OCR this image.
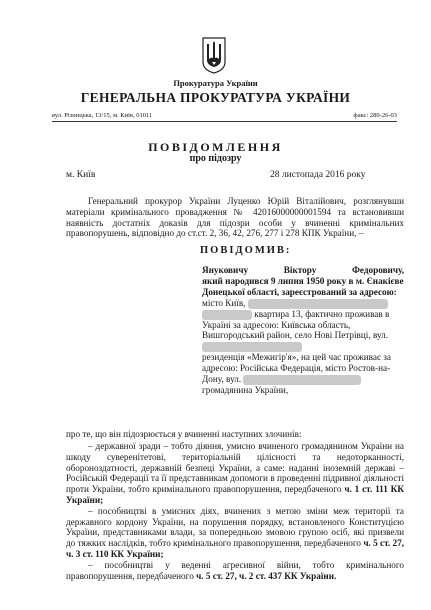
Прокуратура України
ГЕНЕРАЛЬНА ПРОКУРАТУРА УКРАЇНИ
вул. Різницька, 13/15, м. Київ, 01011	факс: 280-26-03
ПОВІДОМЛЕННЯ
про підозру
м. Київ	28 листопада 2016 року
Генеральний прокурор України Луценко Юрій Віталійович, розглянувши матеріали кримінального провадження № 42016000000001594 та встановивши наявність достатніх доказів для підозри особи у вчиненні кримінальних правопорушень, відповідно до ст.ст. 2, 36, 42, 276, 277 і 278 КПК України, –
ПОВІДОМИВ:

Януковичу	Віктору	Федоровичу,

який народився 9 липня 1950 року в м. Єнакієве Донецької області, зареєстрований за адресою:

місто Київ,

квартира 13, фактично проживав в Україні за адресою: Київська область, Вишгородський район, село Нові Петрівці, вул.

резиденція «Межигір'я», на цей час проживає за адресою: Російська Федерація, місто Ростов-на-Дону, вул.

громадянина України,

про те, що він підозрюється у вчиненні наступних злочинів:

– державної зради – тобто діяння, умисно вчиненого громадянином України на шкоду суверенітетові, територіальній цілісності та недоторканності, обороноздатності, державній безпеці України, а саме: наданні іноземній державі – Російській Федерації та її представникам допомоги в проведенні підривної діяльності проти України, тобто кримінального правопорушення, передбаченого ч. 1 ст. 111 КК України;

– пособництві в умисних діях, вчинених з метою зміни меж території та державного кордону України, на порушення порядку, встановленого Конституцією України, представниками влади, за попередньою змовою групою осіб, які призвели до тяжких наслідків, тобто кримінального правопорушення, передбаченого ч. 5 ст. 27, ч. 3 ст. 110 КК України;

– пособництві у веденні агресивної війни, тобто кримінального правопорушення, передбаченого ч. 5 ст. 27, ч. 2 ст. 437 КК України.
